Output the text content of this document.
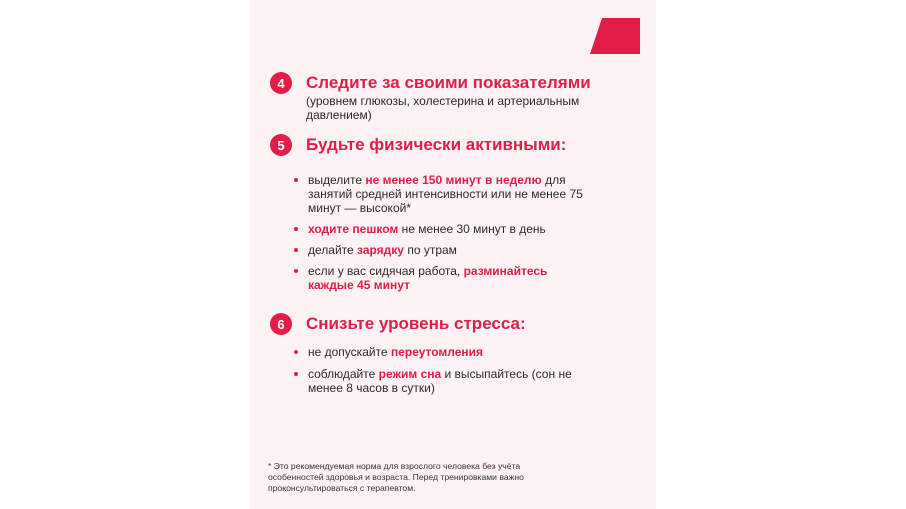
4	Следите за своими показателями
(уровнем глюкозы, холестерина и артериальным давлением)
5	Будьте физически активными:
выделите не менее 150 минут в неделю для занятий средней интенсивности или не менее 75 минут — высокой*
ходите пешком не менее 30 минут в день
делайте зарядку по утрам
если у вас сидячая работа, разминайтесь каждые 45 минут
6	Снизьте уровень стресса:
не допускайте переутомления
соблюдайте режим сна и высыпайтесь (сон не менее 8 часов в сутки)
* Это рекомендуемая норма для взрослого человека без учёта особенностей здоровья и возраста. Перед тренировками важно проконсультироваться с терапевтом.
